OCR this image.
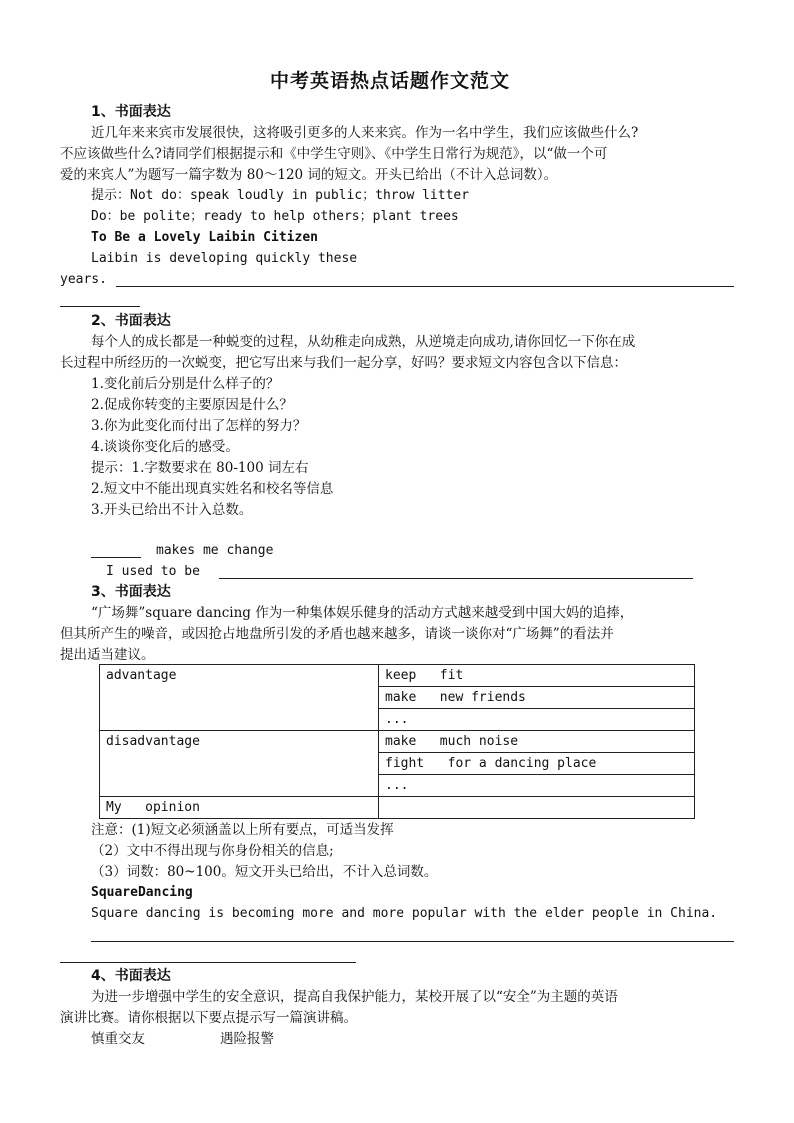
中考英语热点话题作文范文
1、书面表达
近几年来来宾市发展很快，这将吸引更多的人来来宾。作为一名中学生，我们应该做些什么?
不应该做些什么?请同学们根据提示和《中学生守则》、《中学生日常行为规范》，以“做一个可
爱的来宾人”为题写一篇字数为 80～120 词的短文。开头已给出（不计入总词数）。
提示：Not do：speak loudly in public；throw litter
Do：be polite；ready to help others；plant trees
To Be a Lovely Laibin Citizen
Laibin is developing quickly these
years.
2、书面表达
每个人的成长都是一种蜕变的过程，从幼稚走向成熟，从逆境走向成功,请你回忆一下你在成
长过程中所经历的一次蜕变，把它写出来与我们一起分享，好吗？要求短文内容包含以下信息：
1.变化前后分别是什么样子的？
2.促成你转变的主要原因是什么？
3.你为此变化而付出了怎样的努力？
4.谈谈你变化后的感受。
提示：1.字数要求在 80-100 词左右
2.短文中不能出现真实姓名和校名等信息
3.开头已给出不计入总数。
makes me change
I used to be
3、书面表达
“广场舞”square dancing 作为一种集体娱乐健身的活动方式越来越受到中国大妈的追捧，
但其所产生的噪音，或因抢占地盘所引发的矛盾也越来越多，请谈一谈你对“广场舞”的看法并
提出适当建议。
advantage	keep   fit
	make   new friends
	...
disadvantage	make   much noise
	fight   for a dancing place
	...
My   opinion	
注意：(1)短文必须涵盖以上所有要点，可适当发挥
（2）文中不得出现与你身份相关的信息;
（3）词数：80~100。短文开头已给出，不计入总词数。
SquareDancing
Square dancing is becoming more and more popular with the elder people in China.
4、书面表达
为进一步增强中学生的安全意识，提高自我保护能力，某校开展了以“安全”为主题的英语
演讲比赛。请你根据以下要点提示写一篇演讲稿。
慎重交友	遇险报警
